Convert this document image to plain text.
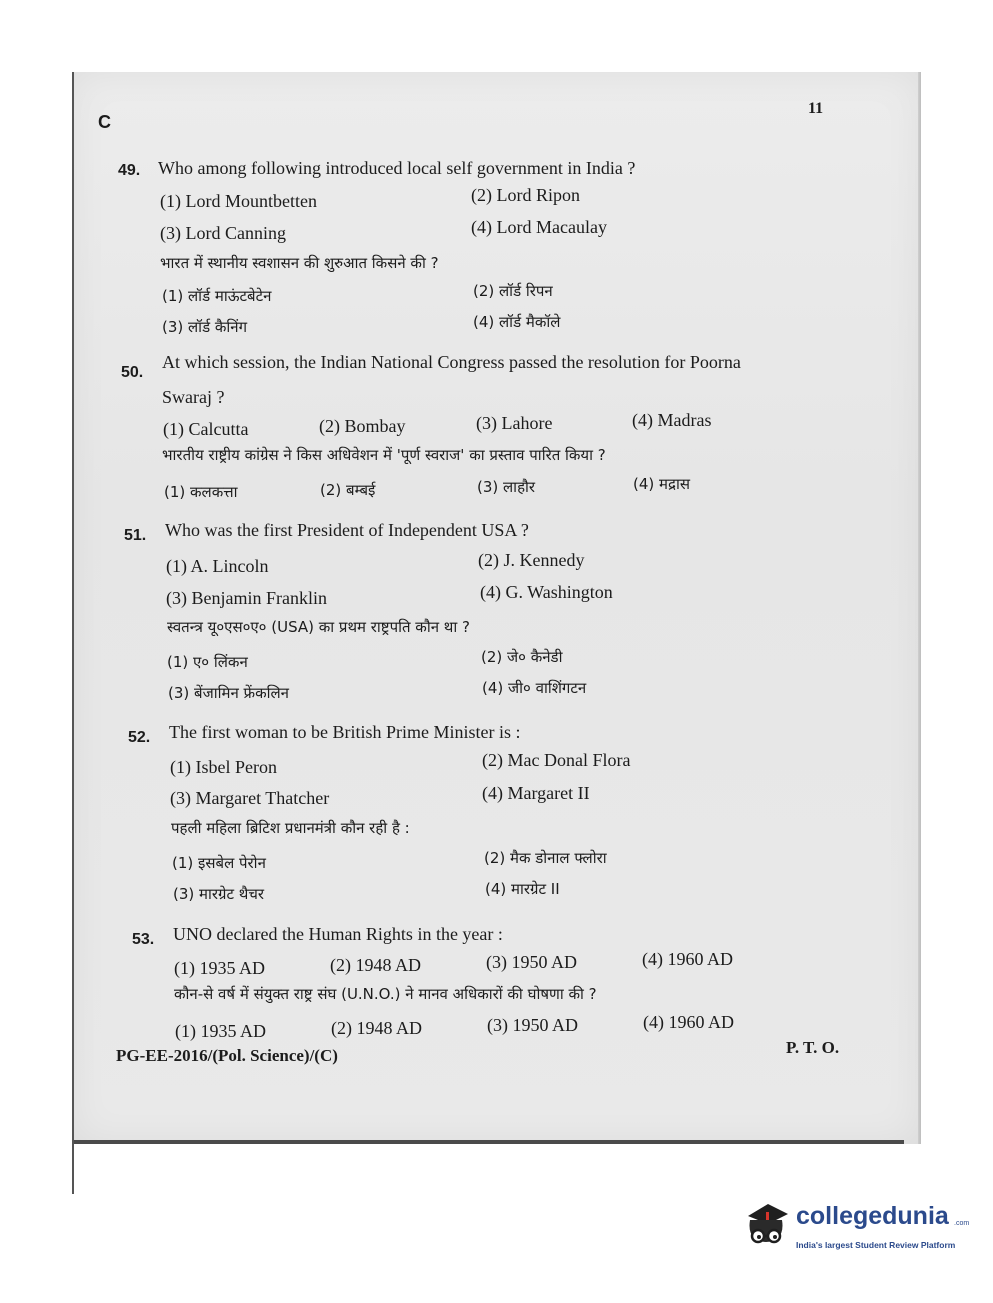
C
11
49. Who among following introduced local self government in India ?
(1) Lord Mountbetten	(2) Lord Ripon
(3) Lord Canning	(4) Lord Macaulay
भारत में स्थानीय स्वशासन की शुरुआत किसने की ?
(1) लॉर्ड माऊंटबेटेन	(2) लॉर्ड रिपन
(3) लॉर्ड कैनिंग	(4) लॉर्ड मैकॉले
50.
At which session, the Indian National Congress passed the resolution for Poorna
Swaraj ?
(1) Calcutta	(2) Bombay	(3) Lahore	(4) Madras
भारतीय राष्ट्रीय कांग्रेस ने किस अधिवेशन में 'पूर्ण स्वराज' का प्रस्ताव पारित किया ?
(1) कलकत्ता	(2) बम्बई	(3) लाहौर	(4) मद्रास
51. Who was the first President of Independent USA ?
(1) A. Lincoln	(2) J. Kennedy
(3) Benjamin Franklin	(4) G. Washington
स्वतन्त्र यू०एस०ए० (USA) का प्रथम राष्ट्रपति कौन था ?
(1) ए० लिंकन	(2) जे० कैनेडी
(3) बेंजामिन फ्रेंकलिन	(4) जी० वाशिंगटन
52. The first woman to be British Prime Minister is :
(1) Isbel Peron	(2) Mac Donal Flora
(3) Margaret Thatcher	(4) Margaret II
पहली महिला ब्रिटिश प्रधानमंत्री कौन रही है :
(1) इसबेल पेरोन	(2) मैक डोनाल फ्लोरा
(3) मारग्रेट थैचर	(4) मारग्रेट II
53. UNO declared the Human Rights in the year :
(1) 1935 AD	(2) 1948 AD	(3) 1950 AD	(4) 1960 AD
कौन-से वर्ष में संयुक्त राष्ट्र संघ (U.N.O.) ने मानव अधिकारों की घोषणा की ?
(1) 1935 AD	(2) 1948 AD	(3) 1950 AD	(4) 1960 AD
PG-EE-2016/(Pol. Science)/(C)	P. T. O.
collegedunia .com
India's largest Student Review Platform
